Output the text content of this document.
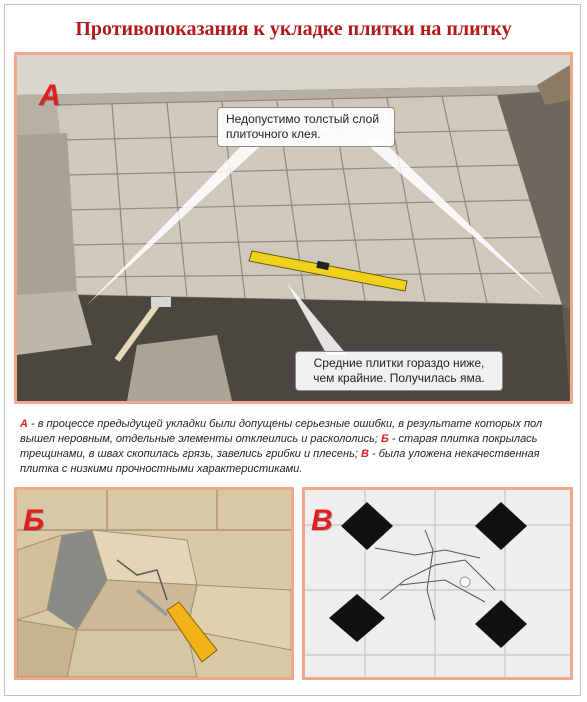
Противопоказания к укладке плитки на плитку
А
Недопустимо толстый слой
плиточного клея.
Средние плитки гораздо ниже,
чем крайние. Получилась яма.
А - в процессе предыдущей укладки были допущены серьезные ошибки, в результате которых пол вышел неровным, отдельные элементы отклеились и раскололись; Б - старая плитка покрылась трещинами, в швах скопилась грязь, завелись грибки и плесень; В - была уложена некачественная плитка с низкими прочностными характеристиками.
Б	В
